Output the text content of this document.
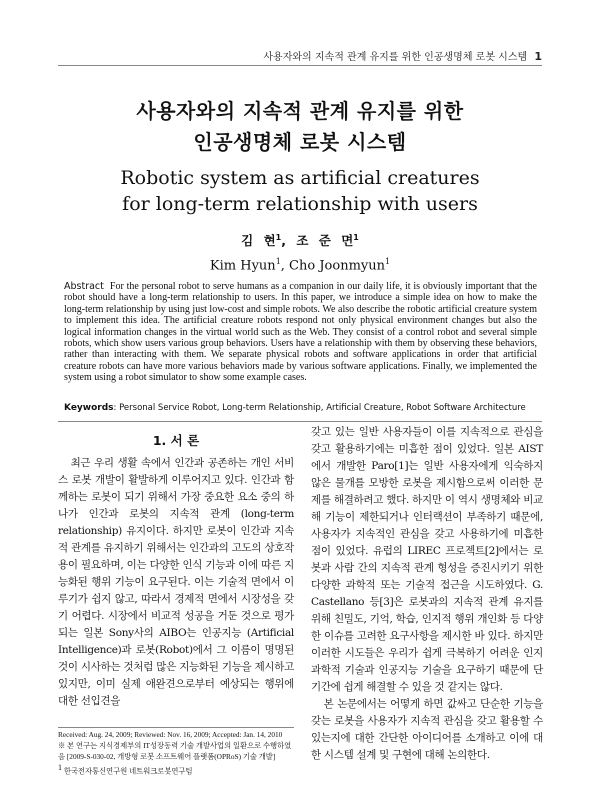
사용자와의 지속적 관계 유지를 위한 인공생명체 로봇 시스템 1
사용자와의 지속적 관계 유지를 위한
인공생명체 로봇 시스템
Robotic system as artificial creatures
for long-term relationship with users
김 현$^1$, 조 준 면$^1$
Kim Hyun$^1$, Cho Joonmyun$^1$
Abstract For the personal robot to serve humans as a companion in our daily life, it is obviously important that the robot should have a long-term relationship to users. In this paper, we introduce a simple idea on how to make the long-term relationship by using just low-cost and simple robots. We also describe the robotic artificial creature system to implement this idea. The artificial creature robots respond not only physical environment changes but also the logical information changes in the virtual world such as the Web. They consist of a control robot and several simple robots, which show users various group behaviors. Users have a relationship with them by observing these behaviors, rather than interacting with them. We separate physical robots and software applications in order that artificial creature robots can have more various behaviors made by various software applications. Finally, we implemented the system using a robot simulator to show some example cases.
Keywords: Personal Service Robot, Long-term Relationship, Artificial Creature, Robot Software Architecture
1. 서 론
최근 우리 생활 속에서 인간과 공존하는 개인 서비스 로봇 개발이 활발하게 이루어지고 있다. 인간과 함께하는 로봇이 되기 위해서 가장 중요한 요소 중의 하나가 인간과 로봇의 지속적 관계 (long-term relationship) 유지이다. 하지만 로봇이 인간과 지속적 관계를 유지하기 위해서는 인간과의 고도의 상호작용이 필요하며, 이는 다양한 인식 기능과 이에 따른 지능화된 행위 기능이 요구된다. 이는 기술적 면에서 이루기가 쉽지 않고, 따라서 경제적 면에서 시장성을 갖기 어렵다. 시장에서 비교적 성공을 거둔 것으로 평가되는 일본 Sony사의 AIBO는 인공지능 (Artificial Intelligence)과 로봇(Robot)에서 그 이름이 명명된 것이 시사하는 것처럼 많은 지능화된 기능을 제시하고 있지만, 이미 실제 애완견으로부터 예상되는 행위에 대한 선입견을
갖고 있는 일반 사용자들이 이를 지속적으로 관심을 갖고 활용하기에는 미흡한 점이 있었다. 일본 AIST에서 개발한 Paro[1]는 일반 사용자에게 익숙하지 않은 물개를 모방한 로봇을 제시함으로써 이러한 문제를 해결하려고 했다. 하지만 이 역시 생명체와 비교해 기능이 제한되거나 인터랙션이 부족하기 때문에, 사용자가 지속적인 관심을 갖고 사용하기에 미흡한 점이 있었다. 유럽의 LIREC 프로젝트[2]에서는 로봇과 사람 간의 지속적 관계 형성을 증진시키기 위한 다양한 과학적 또는 기술적 접근을 시도하였다. G. Castellano 등[3]은 로봇과의 지속적 관계 유지를 위해 친밀도, 기억, 학습, 인지적 행위 개인화 등 다양한 이슈를 고려한 요구사항을 제시한 바 있다. 하지만 이러한 시도들은 우리가 쉽게 극복하기 어려운 인지과학적 기술과 인공지능 기술을 요구하기 때문에 단기간에 쉽게 해결할 수 있을 것 같지는 않다.
본 논문에서는 어떻게 하면 값싸고 단순한 기능을 갖는 로봇을 사용자가 지속적 관심을 갖고 활용할 수 있는지에 대한 간단한 아이디어를 소개하고 이에 대한 시스템 설계 및 구현에 대해 논의한다.

Received: Aug. 24, 2009; Reviewed: Nov. 16, 2009; Accepted: Jan. 14, 2010

※ 본 연구는 지식경제부의 IT성장동력 기술 개발사업의 일환으로 수행하였음 [2009-S-030-02, 개방형 로봇 소프트웨어 플랫폼(OPRoS) 기술 개발]

$^1$ 한국전자통신연구원 네트워크로봇연구팀
